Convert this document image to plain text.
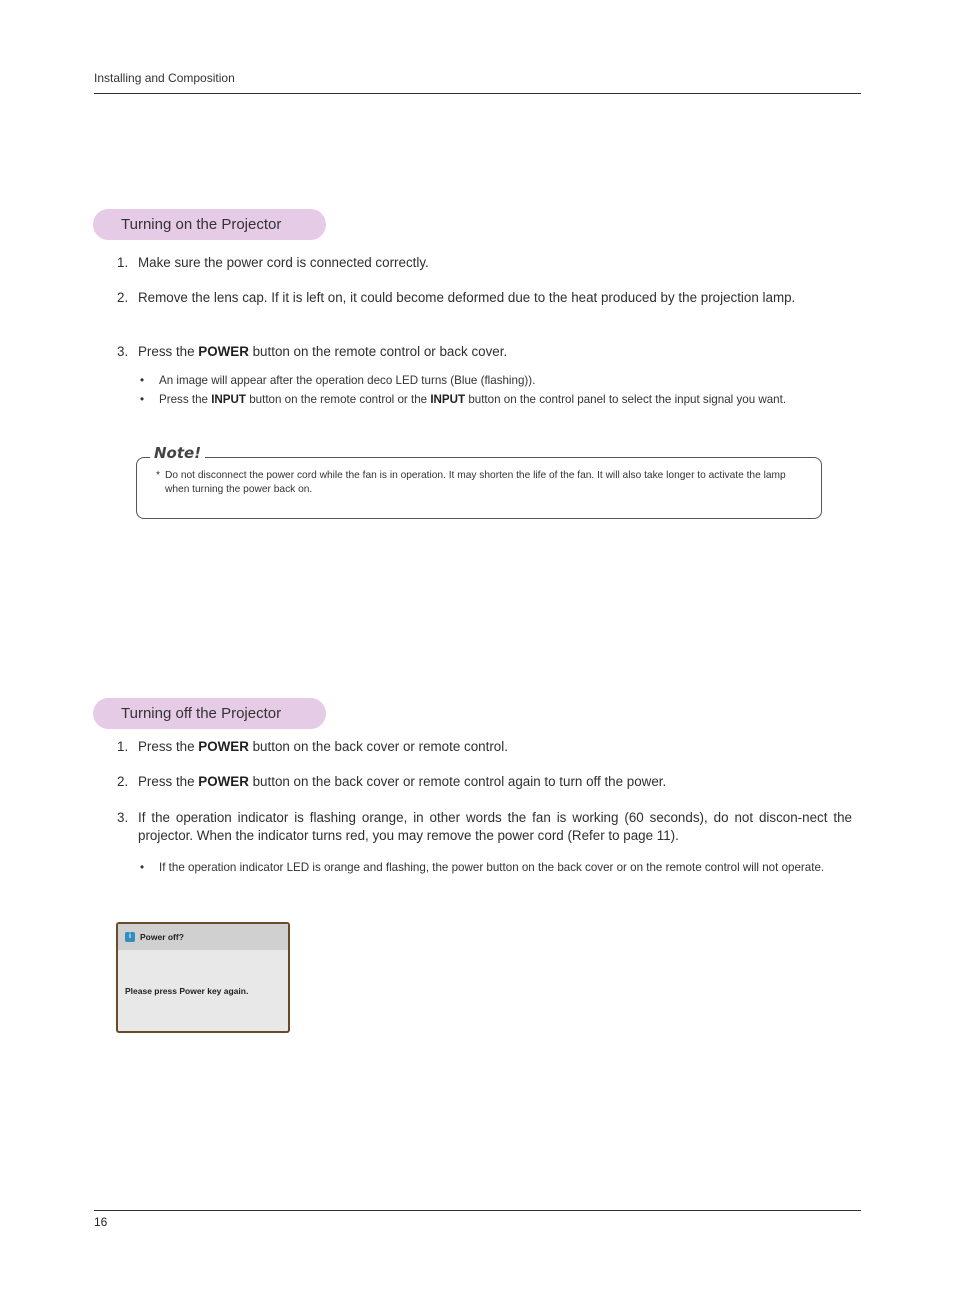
Installing and Composition
Turning on the Projector
1. Make sure the power cord is connected correctly.
2. Remove the lens cap. If it is left on, it could become deformed due to the heat produced by the projection lamp.
3. Press the POWER button on the remote control or back cover.
• An image will appear after the operation deco LED turns (Blue (flashing)).
• Press the INPUT button on the remote control or the INPUT button on the control panel to select the input signal you want.
Note!
* Do not disconnect the power cord while the fan is in operation. It may shorten the life of the fan. It will also take longer to activate the lamp when turning the power back on.
Turning off the Projector
1. Press the POWER button on the back cover or remote control.
2. Press the POWER button on the back cover or remote control again to turn off the power.
3. If the operation indicator is flashing orange, in other words the fan is working (60 seconds), do not discon-nect the projector. When the indicator turns red, you may remove the power cord (Refer to page 11).
• If the operation indicator LED is orange and flashing, the power button on the back cover or on the remote control will not operate.
i	Power off?
Please press Power key again.
16
